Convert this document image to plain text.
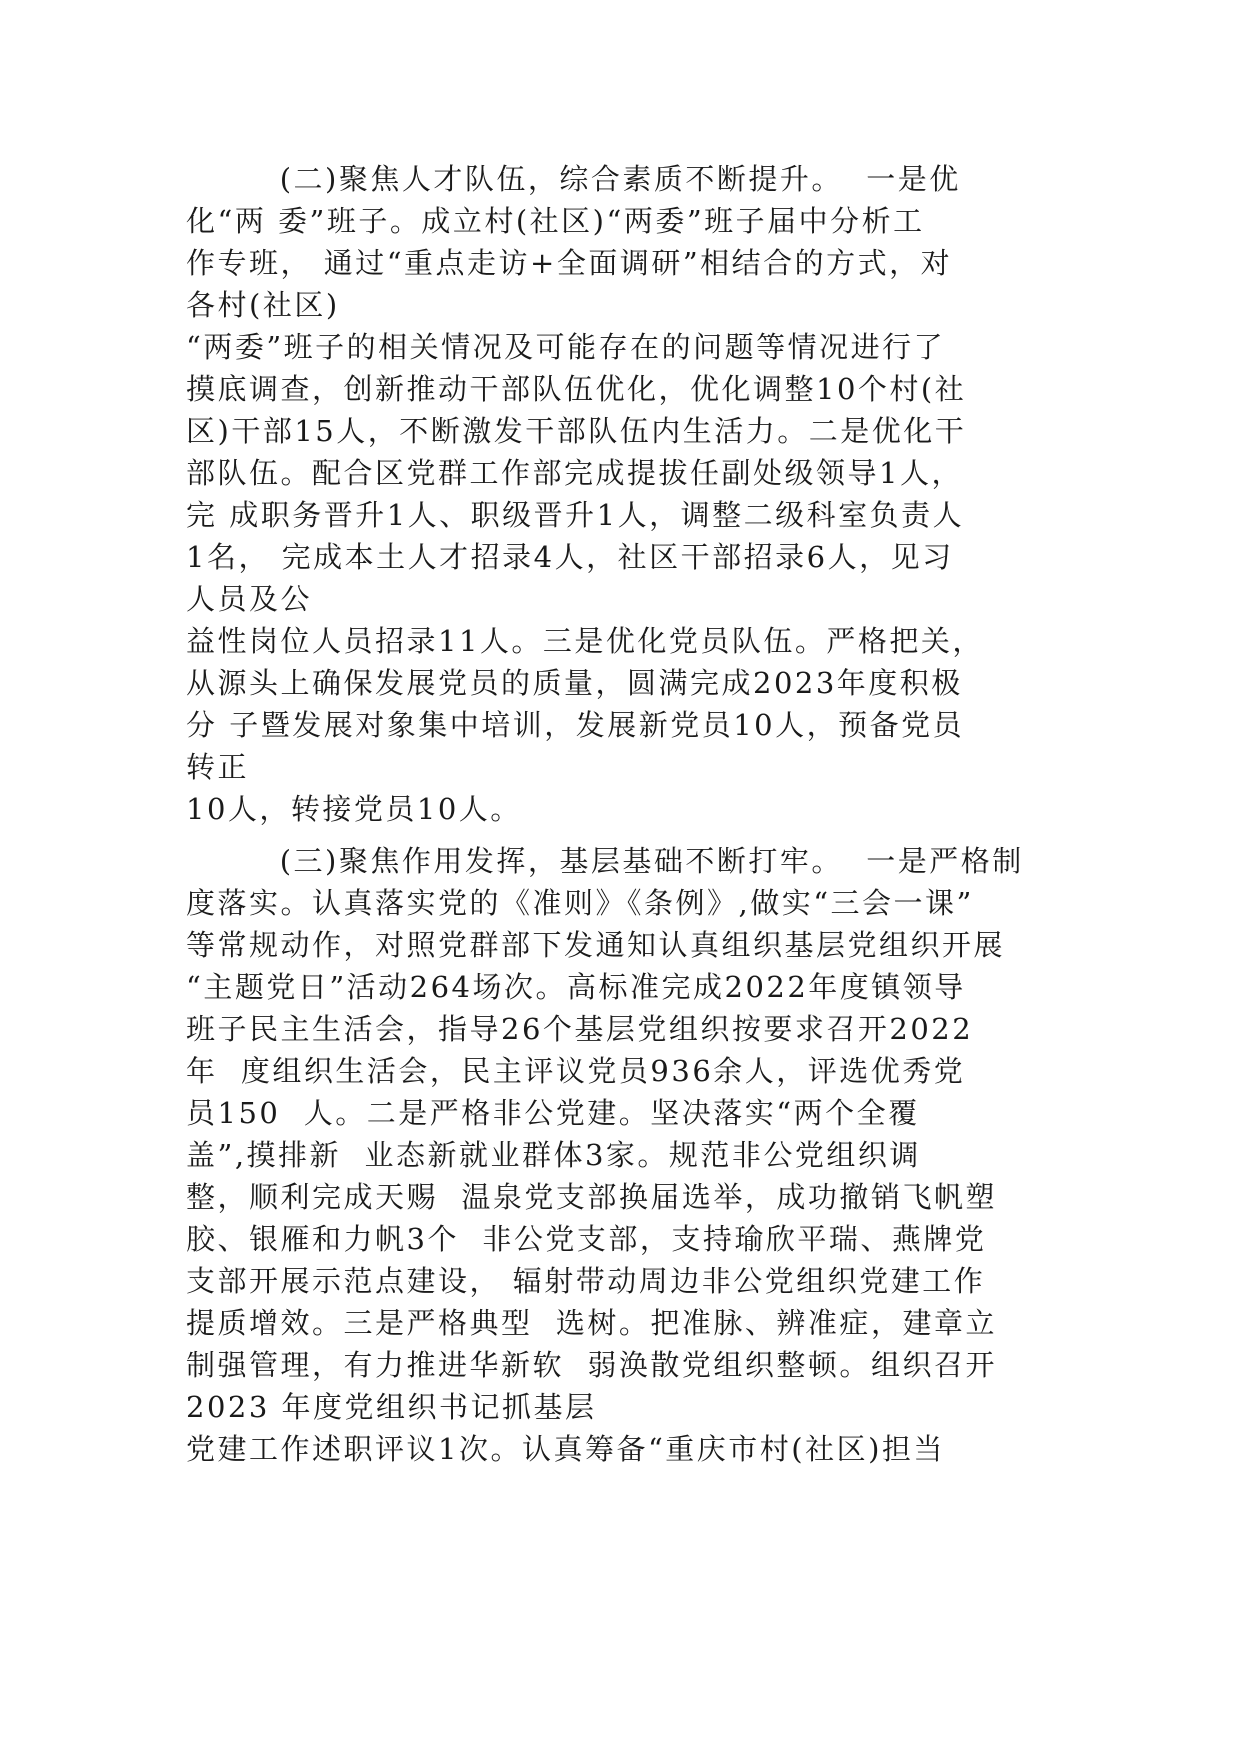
(二)聚焦人才队伍，综合素质不断提升。  一是优
化“两 委”班子。成立村(社区)“两委”班子届中分析工
作专班， 通过“重点走访+全面调研”相结合的方式，对
各村(社区)
“两委”班子的相关情况及可能存在的问题等情况进行了
摸底调查，创新推动干部队伍优化，优化调整10个村(社
区)干部15人，不断激发干部队伍内生活力。二是优化干
部队伍。配合区党群工作部完成提拔任副处级领导1人，
完 成职务晋升1人、职级晋升1人，调整二级科室负责人
1名， 完成本土人才招录4人，社区干部招录6人，见习
人员及公
益性岗位人员招录11人。三是优化党员队伍。严格把关，
从源头上确保发展党员的质量，圆满完成2023年度积极
分 子暨发展对象集中培训，发展新党员10人，预备党员
转正
10人，转接党员10人。
(三)聚焦作用发挥，基层基础不断打牢。  一是严格制
度落实。认真落实党的《准则》《条例》,做实“三会一课”
等常规动作，对照党群部下发通知认真组织基层党组织开展
“主题党日”活动264场次。高标准完成2022年度镇领导
班子民主生活会，指导26个基层党组织按要求召开2022
年  度组织生活会，民主评议党员936余人，评选优秀党
员150  人。二是严格非公党建。坚决落实“两个全覆
盖”,摸排新  业态新就业群体3家。规范非公党组织调
整，顺利完成天赐  温泉党支部换届选举，成功撤销飞帆塑
胶、银雁和力帆3个  非公党支部，支持瑜欣平瑞、燕牌党
支部开展示范点建设， 辐射带动周边非公党组织党建工作
提质增效。三是严格典型  选树。把准脉、辨准症，建章立
制强管理，有力推进华新软  弱涣散党组织整顿。组织召开
2023 年度党组织书记抓基层
党建工作述职评议1次。认真筹备“重庆市村(社区)担当
